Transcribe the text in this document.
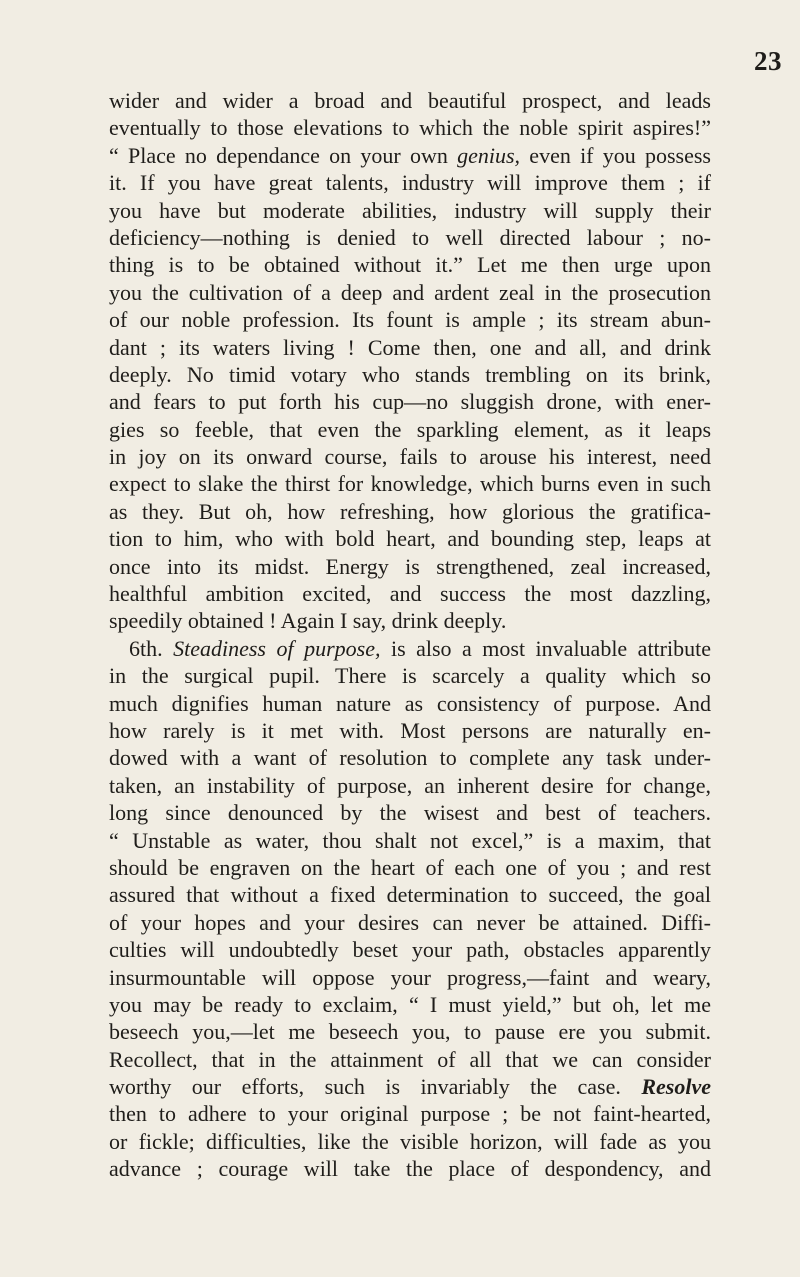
23
wider and wider a broad and beautiful prospect, and leads
eventually to those elevations to which the noble spirit aspires!”
“ Place no dependance on your own genius, even if you possess
it. If you have great talents, industry will improve them ; if
you have but moderate abilities, industry will supply their
deficiency—nothing is denied to well directed labour ; no-
thing is to be obtained without it.” Let me then urge upon
you the cultivation of a deep and ardent zeal in the prosecution
of our noble profession. Its fount is ample ; its stream abun-
dant ; its waters living ! Come then, one and all, and drink
deeply. No timid votary who stands trembling on its brink,
and fears to put forth his cup—no sluggish drone, with ener-
gies so feeble, that even the sparkling element, as it leaps
in joy on its onward course, fails to arouse his interest, need
expect to slake the thirst for knowledge, which burns even in such
as they. But oh, how refreshing, how glorious the gratifica-
tion to him, who with bold heart, and bounding step, leaps at
once into its midst. Energy is strengthened, zeal increased,
healthful ambition excited, and success the most dazzling,
speedily obtained ! Again I say, drink deeply.
6th. Steadiness of purpose, is also a most invaluable attribute
in the surgical pupil. There is scarcely a quality which so
much dignifies human nature as consistency of purpose. And
how rarely is it met with. Most persons are naturally en-
dowed with a want of resolution to complete any task under-
taken, an instability of purpose, an inherent desire for change,
long since denounced by the wisest and best of teachers.
“ Unstable as water, thou shalt not excel,” is a maxim, that
should be engraven on the heart of each one of you ; and rest
assured that without a fixed determination to succeed, the goal
of your hopes and your desires can never be attained. Diffi-
culties will undoubtedly beset your path, obstacles apparently
insurmountable will oppose your progress,—faint and weary,
you may be ready to exclaim, “ I must yield,” but oh, let me
beseech you,—let me beseech you, to pause ere you submit.
Recollect, that in the attainment of all that we can consider
worthy our efforts, such is invariably the case. Resolve
then to adhere to your original purpose ; be not faint-hearted,
or fickle; difficulties, like the visible horizon, will fade as you
advance ; courage will take the place of despondency, and
